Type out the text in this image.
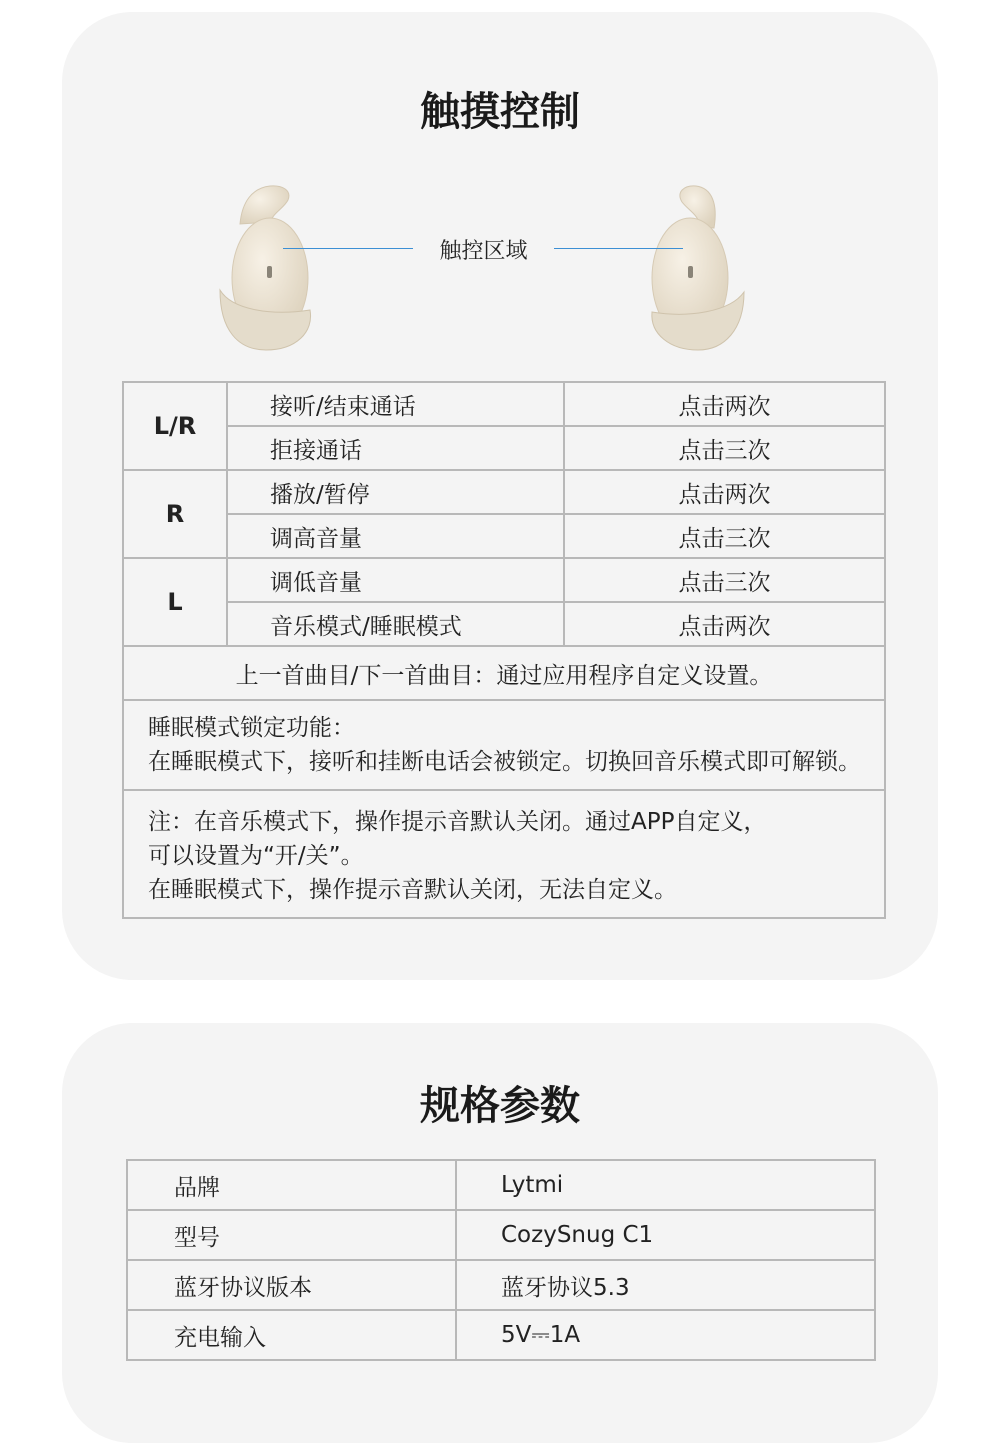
触摸控制
触控区域
L/R	接听/结束通话	点击两次
	拒接通话	点击三次
R	播放/暂停	点击两次
	调高音量	点击三次
L	调低音量	点击三次
	音乐模式/睡眠模式	点击两次
上一首曲目/下一首曲目：通过应用程序自定义设置。		

睡眠模式锁定功能：
在睡眠模式下，接听和挂断电话会被锁定。切换回音乐模式即可解锁。		

注：在音乐模式下，操作提示音默认关闭。通过APP自定义，
可以设置为“开/关”。
在睡眠模式下，操作提示音默认关闭，无法自定义。		
规格参数
品牌	Lytmi
型号	CozySnug C1
蓝牙协议版本	蓝牙协议5.3
充电输入	5V⎓1A
